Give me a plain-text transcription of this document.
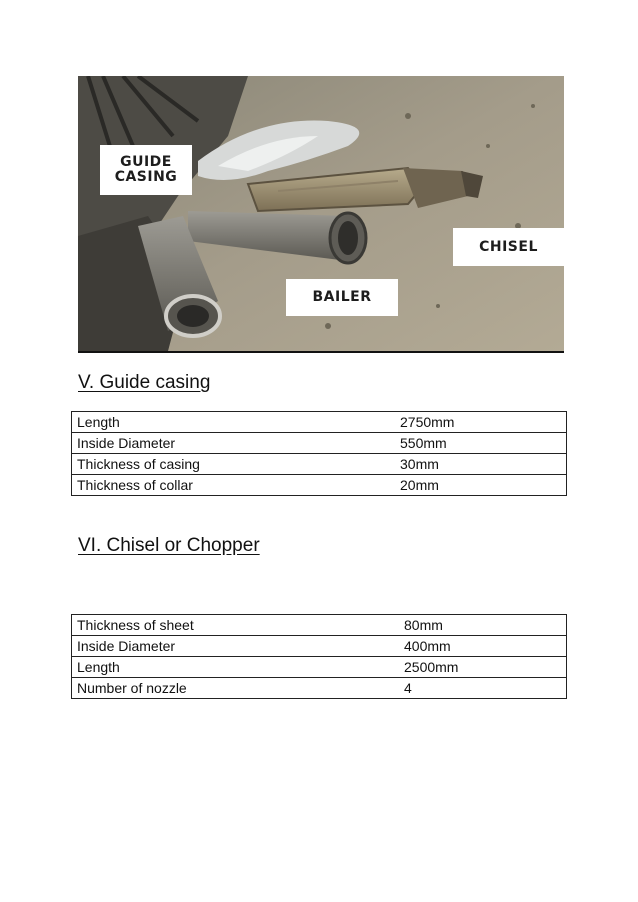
GUIDE
CASING
CHISEL
BAILER
V. Guide casing
Length	2750mm
Inside Diameter	550mm
Thickness of casing	30mm
Thickness of collar	20mm
VI. Chisel or Chopper
Thickness of sheet	80mm
Inside Diameter	400mm
Length	2500mm
Number of nozzle	4
